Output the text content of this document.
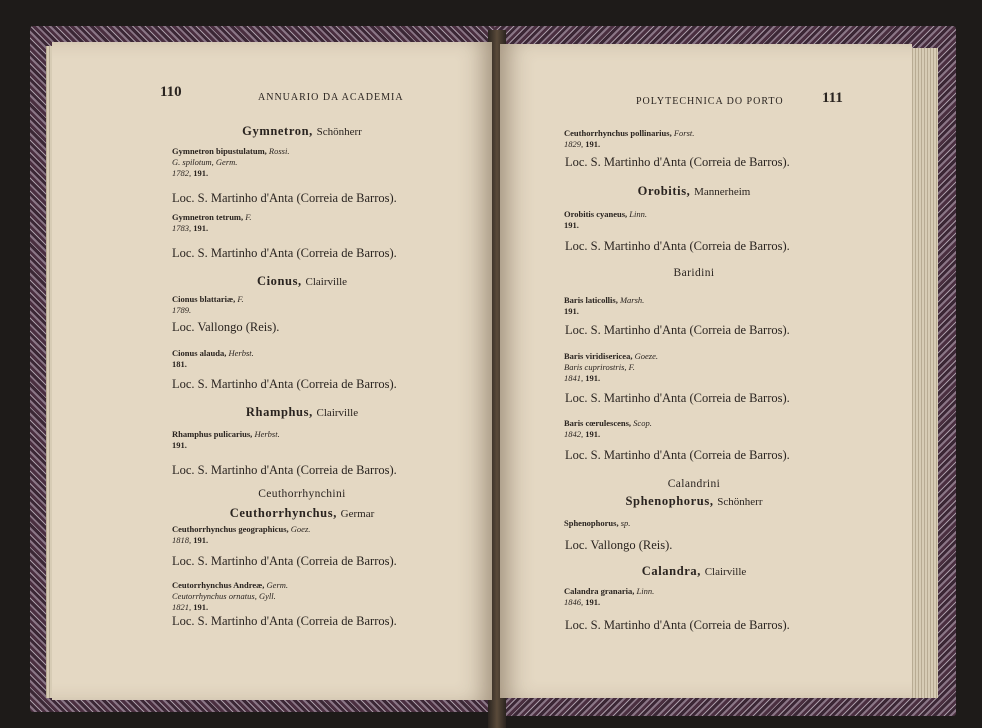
110	ANNUARIO DA ACADEMIA
Gymnetron, Schönherr
Gymnetron bipustulatum, Rossi.
G. spilotum, Germ.
1782, 191.
Loc. S. Martinho d'Anta (Correia de Barros).
Gymnetron tetrum, F.
1783, 191.
Loc. S. Martinho d'Anta (Correia de Barros).
Cionus, Clairville
Cionus blattariæ, F.
1789.
Loc. Vallongo (Reis).
Cionus alauda, Herbst.
181.
Loc. S. Martinho d'Anta (Correia de Barros).
Rhamphus, Clairville
Rhamphus pulicarius, Herbst.
191.
Loc. S. Martinho d'Anta (Correia de Barros).
Ceuthorrhynchini
Ceuthorrhynchus, Germar
Ceuthorrhynchus geographicus, Goez.
1818, 191.
Loc. S. Martinho d'Anta (Correia de Barros).
Ceutorrhynchus Andreæ, Germ.
Ceutorrhynchus ornatus, Gyll.
1821, 191.
Loc. S. Martinho d'Anta (Correia de Barros).
111
POLYTECHNICA DO PORTO
Ceuthorrhynchus pollinarius, Forst.
1829, 191.
Loc. S. Martinho d'Anta (Correia de Barros).
Orobitis, Mannerheim
Orobitis cyaneus, Linn.
191.
Loc. S. Martinho d'Anta (Correia de Barros).
Baridini
Baris laticollis, Marsh.
191.
Loc. S. Martinho d'Anta (Correia de Barros).
Baris viridisericea, Goeze.
Baris cuprirostris, F.
1841, 191.
Loc. S. Martinho d'Anta (Correia de Barros).
Baris cœrulescens, Scop.
1842, 191.
Loc. S. Martinho d'Anta (Correia de Barros).
Calandrini
Sphenophorus, Schönherr
Sphenophorus, sp.
Loc. Vallongo (Reis).
Calandra, Clairville
Calandra granaria, Linn.
1846, 191.
Loc. S. Martinho d'Anta (Correia de Barros).
